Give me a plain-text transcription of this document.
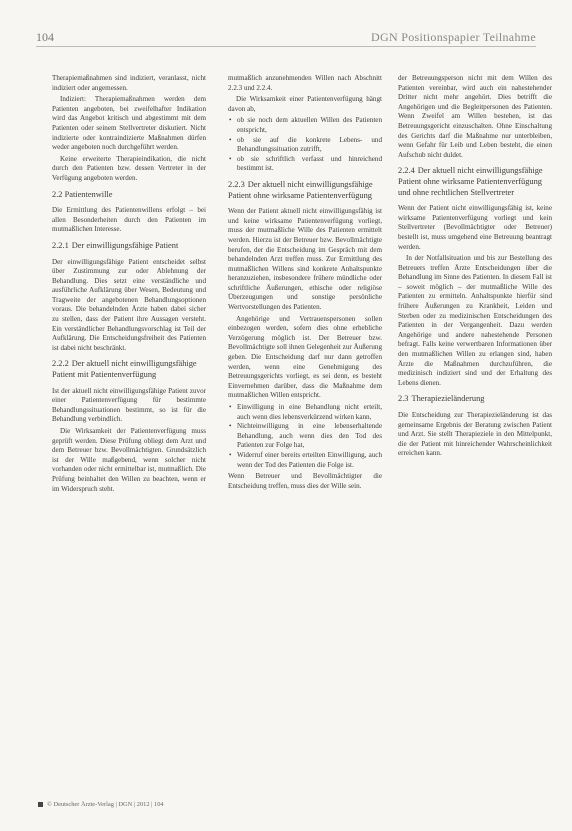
104	DGN Positionspapier Teilnahme

Therapiemaßnahmen sind indiziert, veranlasst, nicht indiziert oder angemessen.

Indiziert: Therapiemaßnahmen werden dem Patienten angeboten, bei zweifelhafter Indikation wird das Angebot kritisch und abgestimmt mit dem Patienten oder seinem Stellvertreter diskutiert. Nicht indizierte oder kontraindizierte Maßnahmen dürfen weder angeboten noch durchgeführt werden.

Keine erweiterte Therapieindikation, die nicht durch den Patienten bzw. dessen Vertreter in der Verfügung angeboten werden.

2.2 Patientenwille

Die Ermittlung des Patientenwillens erfolgt – bei allen Besonderheiten durch den Patienten im mutmaßlichen Interesse.

2.2.1 Der einwilligungsfähige Patient

Der einwilligungsfähige Patient entscheidet selbst über Zustimmung zur oder Ablehnung der Behandlung. Dies setzt eine verständliche und ausführliche Aufklärung über Wesen, Bedeutung und Tragweite der angebotenen Behandlungsoptionen voraus. Die behandelnden Ärzte haben dabei sicher zu stellen, dass der Patient ihre Aussagen versteht. Ein verständlicher Behandlungsvorschlag ist Teil der Aufklärung. Die Entscheidungsfreiheit des Patienten ist dabei nicht beschränkt.

2.2.2 Der aktuell nicht einwilligungsfähige Patient mit Patientenverfügung

Ist der aktuell nicht einwilligungsfähige Patient zuvor einer Patientenverfügung für bestimmte Behandlungssituationen bestimmt, so ist für die Behandlung verbindlich.

Die Wirksamkeit der Patientenverfügung muss geprüft werden. Diese Prüfung obliegt dem Arzt und dem Betreuer bzw. Bevollmächtigten. Grundsätzlich ist der Wille maßgebend, wenn solcher nicht vorhanden oder nicht ermittelbar ist, mutmaßlich. Die Prüfung beinhaltet den Willen zu beachten, wenn er im Widerspruch steht.

mutmaßlich anzunehmenden Willen nach Abschnitt 2.2.3 und 2.2.4.

Die Wirksamkeit einer Patientenverfügung hängt davon ab,

• ob sie noch dem aktuellen Willen des Patienten entspricht,
• ob sie auf die konkrete Lebens- und Behandlungssituation zutrifft,
• ob sie schriftlich verfasst und hinreichend bestimmt ist.
2.2.3 Der aktuell nicht einwilligungsfähige Patient ohne wirksame Patientenverfügung

Wenn der Patient aktuell nicht einwilligungsfähig ist und keine wirksame Patientenverfügung vorliegt, muss der mutmaßliche Wille des Patienten ermittelt werden. Hierzu ist der Betreuer bzw. Bevollmächtigte berufen, der die Entscheidung im Gespräch mit dem behandelnden Arzt treffen muss. Zur Ermittlung des mutmaßlichen Willens sind konkrete Anhaltspunkte heranzuziehen, insbesondere frühere mündliche oder schriftliche Äußerungen, ethische oder religiöse Überzeugungen und sonstige persönliche Wertvorstellungen des Patienten.

Angehörige und Vertrauenspersonen sollen einbezogen werden, sofern dies ohne erhebliche Verzögerung möglich ist. Der Betreuer bzw. Bevollmächtigte soll ihnen Gelegenheit zur Äußerung geben. Die Entscheidung darf nur dann getroffen werden, wenn eine Genehmigung des Betreuungsgerichts vorliegt, es sei denn, es besteht Einvernehmen darüber, dass die Maßnahme dem mutmaßlichen Willen entspricht.

• Einwilligung in eine Behandlung nicht erteilt, auch wenn dies lebensverkürzend wirken kann,
• Nichteinwilligung in eine lebenserhaltende Behandlung, auch wenn dies den Tod des Patienten zur Folge hat,
• Widerruf einer bereits erteilten Einwilligung, auch wenn der Tod des Patienten die Folge ist.

Wenn Betreuer und Bevollmächtigter die Entscheidung treffen, muss dies der Wille sein.

der Betreuungsperson nicht mit dem Willen des Patienten vereinbar, wird auch ein nahestehender Dritter nicht mehr angehört. Dies betrifft die Angehörigen und die Begleitpersonen des Patienten. Wenn Zweifel am Willen bestehen, ist das Betreuungsgericht einzuschalten. Ohne Einschaltung des Gerichts darf die Maßnahme nur unterbleiben, wenn Gefahr für Leib und Leben besteht, die einen Aufschub nicht duldet.

2.2.4 Der aktuell nicht einwilligungsfähige Patient ohne wirksame Patientenverfügung und ohne rechtlichen Stellvertreter

Wenn der Patient nicht einwilligungsfähig ist, keine wirksame Patientenverfügung vorliegt und kein Stellvertreter (Bevollmächtigter oder Betreuer) bestellt ist, muss umgehend eine Betreuung beantragt werden.

In der Notfallsituation und bis zur Bestellung des Betreuers treffen Ärzte Entscheidungen über die Behandlung im Sinne des Patienten. In diesem Fall ist – soweit möglich – der mutmaßliche Wille des Patienten zu ermitteln. Anhaltspunkte hierfür sind frühere Äußerungen zu Krankheit, Leiden und Sterben oder zu medizinischen Entscheidungen des Patienten in der Vergangenheit. Dazu werden Angehörige und andere nahestehende Personen befragt. Falls keine verwertbaren Informationen über den mutmaßlichen Willen zu erlangen sind, haben Ärzte die Maßnahmen durchzuführen, die medizinisch indiziert sind und der Erhaltung des Lebens dienen.

2.3 Therapiezieländerung

Die Entscheidung zur Therapiezieländerung ist das gemeinsame Ergebnis der Beratung zwischen Patient und Arzt. Sie stellt Therapieziele in den Mittelpunkt, die der Patient mit hinreichender Wahrscheinlichkeit erreichen kann.

© Deutscher Ärzte-Verlag | DGN | 2012 | 104
